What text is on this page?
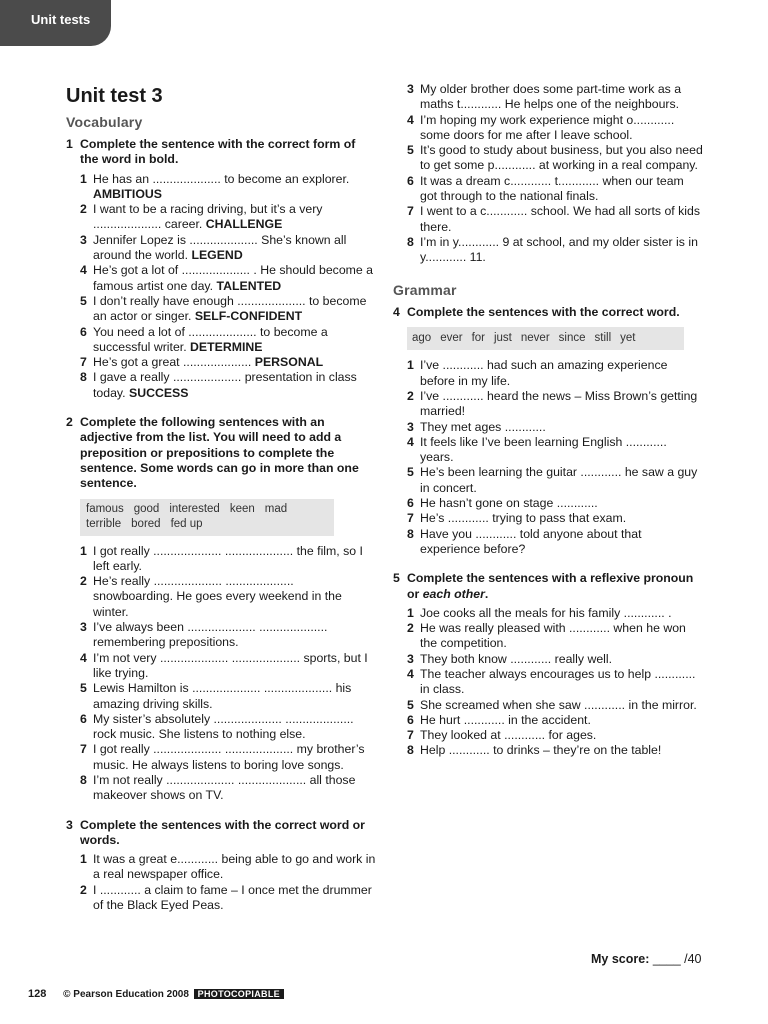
Unit tests
Unit test 3
Vocabulary
1 Complete the sentence with the correct form of the word in bold.
1 He has an .................... to become an explorer. AMBITIOUS
2 I want to be a racing driving, but it’s a very .................... career. CHALLENGE
3 Jennifer Lopez is .................... She’s known all around the world. LEGEND
4 He’s got a lot of .................... . He should become a famous artist one day. TALENTED
5 I don’t really have enough .................... to become an actor or singer. SELF-CONFIDENT
6 You need a lot of .................... to become a successful writer. DETERMINE
7 He’s got a great .................... PERSONAL
8 I gave a really .................... presentation in class today. SUCCESS
2 Complete the following sentences with an adjective from the list. You will need to add a preposition or prepositions to complete the sentence. Some words can go in more than one sentence.
famous good interested keen mad
terrible bored fed up
1 I got really .................... .................... the film, so I left early.
2 He’s really .................... .................... snowboarding. He goes every weekend in the winter.
3 I’ve always been .................... .................... remembering prepositions.
4 I’m not very .................... .................... sports, but I like trying.
5 Lewis Hamilton is .................... .................... his amazing driving skills.
6 My sister’s absolutely .................... .................... rock music. She listens to nothing else.
7 I got really .................... .................... my brother’s music. He always listens to boring love songs.
8 I’m not really .................... .................... all those makeover shows on TV.
3 Complete the sentences with the correct word or words.
1 It was a great e............ being able to go and work in a real newspaper office.
2 I ............ a claim to fame – I once met the drummer of the Black Eyed Peas.
3 My older brother does some part-time work as a maths t............ He helps one of the neighbours.
4 I’m hoping my work experience might o............ some doors for me after I leave school.
5 It’s good to study about business, but you also need to get some p............ at working in a real company.
6 It was a dream c............ t............ when our team got through to the national finals.
7 I went to a c............ school. We had all sorts of kids there.
8 I’m in y............ 9 at school, and my older sister is in y............ 11.
Grammar
4 Complete the sentences with the correct word.
ago ever for just never since still yet
1 I’ve ............ had such an amazing experience before in my life.
2 I’ve ............ heard the news – Miss Brown’s getting married!
3 They met ages ............
4 It feels like I’ve been learning English ............ years.
5 He’s been learning the guitar ............ he saw a guy in concert.
6 He hasn’t gone on stage ............
7 He’s ............ trying to pass that exam.
8 Have you ............ told anyone about that experience before?
5 Complete the sentences with a reflexive pronoun or each other.
1 Joe cooks all the meals for his family ............ .
2 He was really pleased with ............ when he won the competition.
3 They both know ............ really well.
4 The teacher always encourages us to help ............ in class.
5 She screamed when she saw ............ in the mirror.
6 He hurt ............ in the accident.
7 They looked at ............ for ages.
8 Help ............ to drinks – they’re on the table!
My score: ____ /40
128 © Pearson Education 2008 PHOTOCOPIABLE
